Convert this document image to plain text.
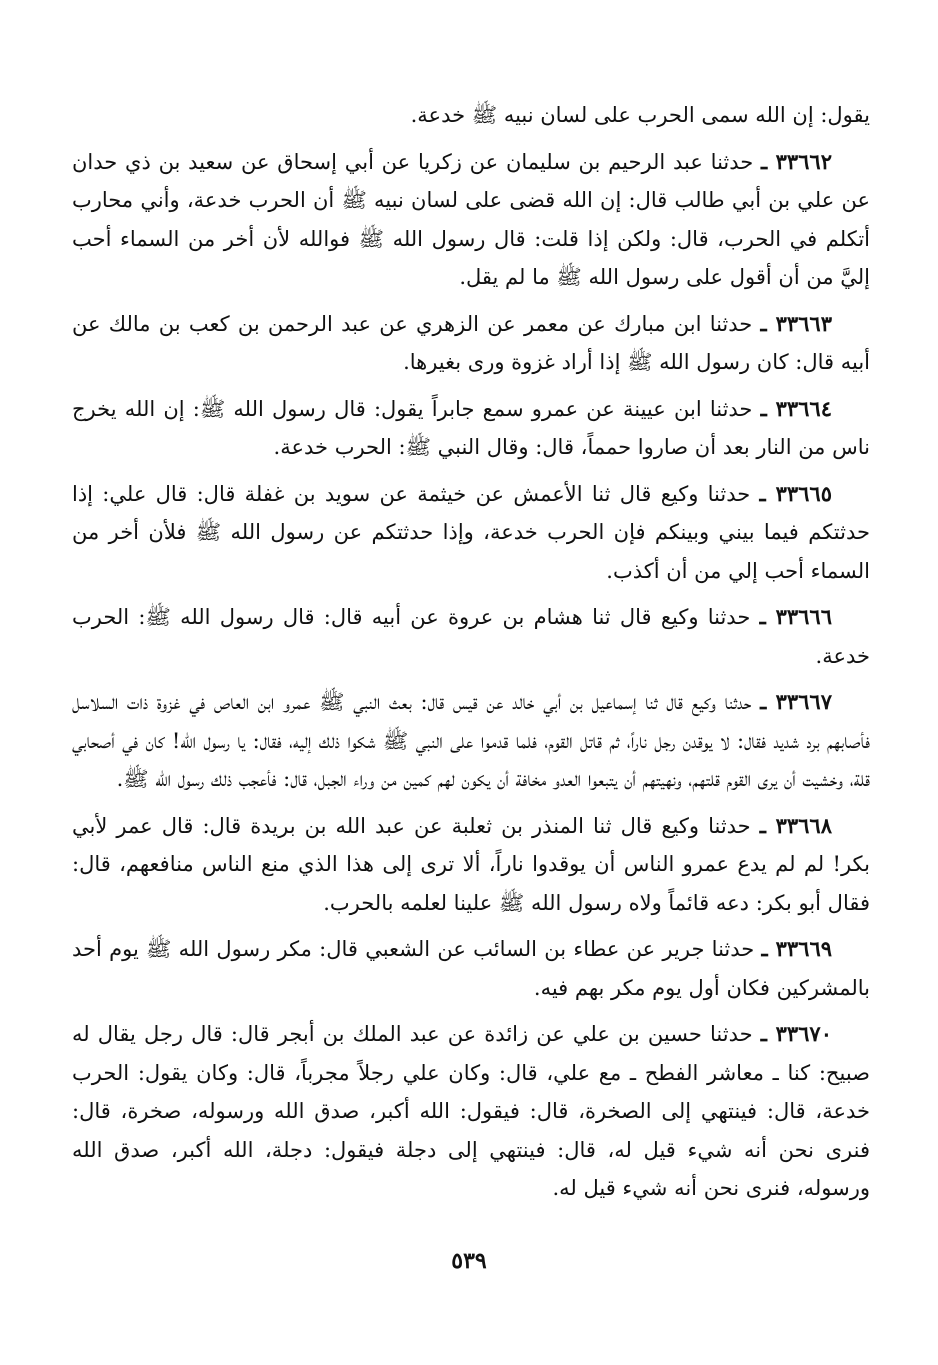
يقول: إن الله سمى الحرب على لسان نبيه ﷺ خدعة.

٣٣٦٦٢ ـ حدثنا عبد الرحيم بن سليمان عن زكريا عن أبي إسحاق عن سعيد بن ذي حدان عن علي بن أبي طالب قال: إن الله قضى على لسان نبيه ﷺ أن الحرب خدعة، وأني محارب أتكلم في الحرب، قال: ولكن إذا قلت: قال رسول الله ﷺ فوالله لأن أخر من السماء أحب إليَّ من أن أقول على رسول الله ﷺ ما لم يقل.

٣٣٦٦٣ ـ حدثنا ابن مبارك عن معمر عن الزهري عن عبد الرحمن بن كعب بن مالك عن أبيه قال: كان رسول الله ﷺ إذا أراد غزوة ورى بغيرها.

٣٣٦٦٤ ـ حدثنا ابن عيينة عن عمرو سمع جابراً يقول: قال رسول الله ﷺ: إن الله يخرج ناس من النار بعد أن صاروا حمماً، قال: وقال النبي ﷺ: الحرب خدعة.

٣٣٦٦٥ ـ حدثنا وكيع قال ثنا الأعمش عن خيثمة عن سويد بن غفلة قال: قال علي: إذا حدثتكم فيما بيني وبينكم فإن الحرب خدعة، وإذا حدثتكم عن رسول الله ﷺ فلأن أخر من السماء أحب إلي من أن أكذب.

٣٣٦٦٦ ـ حدثنا وكيع قال ثنا هشام بن عروة عن أبيه قال: قال رسول الله ﷺ: الحرب خدعة.

٣٣٦٦٧ ـ حدثنا وكيع قال ثنا إسماعيل بن أبي خالد عن قيس قال: بعث النبي ﷺ عمرو ابن العاص في غزوة ذات السلاسل فأصابهم برد شديد فقال: لا يوقدن رجل ناراً، ثم قاتل القوم، فلما قدموا على النبي ﷺ شكوا ذلك إليه، فقال: يا رسول الله! كان في أصحابي قلة، وخشيت أن يرى القوم قلتهم، ونهيتهم أن يتبعوا العدو مخافة أن يكون لهم كمين من وراء الجبل، قال: فأعجب ذلك رسول الله ﷺ.

٣٣٦٦٨ ـ حدثنا وكيع قال ثنا المنذر بن ثعلبة عن عبد الله بن بريدة قال: قال عمر لأبي بكر! لم لم يدع عمرو الناس أن يوقدوا ناراً، ألا ترى إلى هذا الذي منع الناس منافعهم، قال: فقال أبو بكر: دعه قائماً ولاه رسول الله ﷺ علينا لعلمه بالحرب.

٣٣٦٦٩ ـ حدثنا جرير عن عطاء بن السائب عن الشعبي قال: مكر رسول الله ﷺ يوم أحد بالمشركين فكان أول يوم مكر بهم فيه.

٣٣٦٧٠ ـ حدثنا حسين بن علي عن زائدة عن عبد الملك بن أبجر قال: قال رجل يقال له صبيح: كنا ـ معاشر الفطح ـ مع علي، قال: وكان علي رجلاً مجرباً، قال: وكان يقول: الحرب خدعة، قال: فينتهي إلى الصخرة، قال: فيقول: الله أكبر، صدق الله ورسوله، صخرة، قال: فنرى نحن أنه شيء قيل له، قال: فينتهي إلى دجلة فيقول: دجلة، الله أكبر، صدق الله ورسوله، فنرى نحن أنه شيء قيل له.

٥٣٩
